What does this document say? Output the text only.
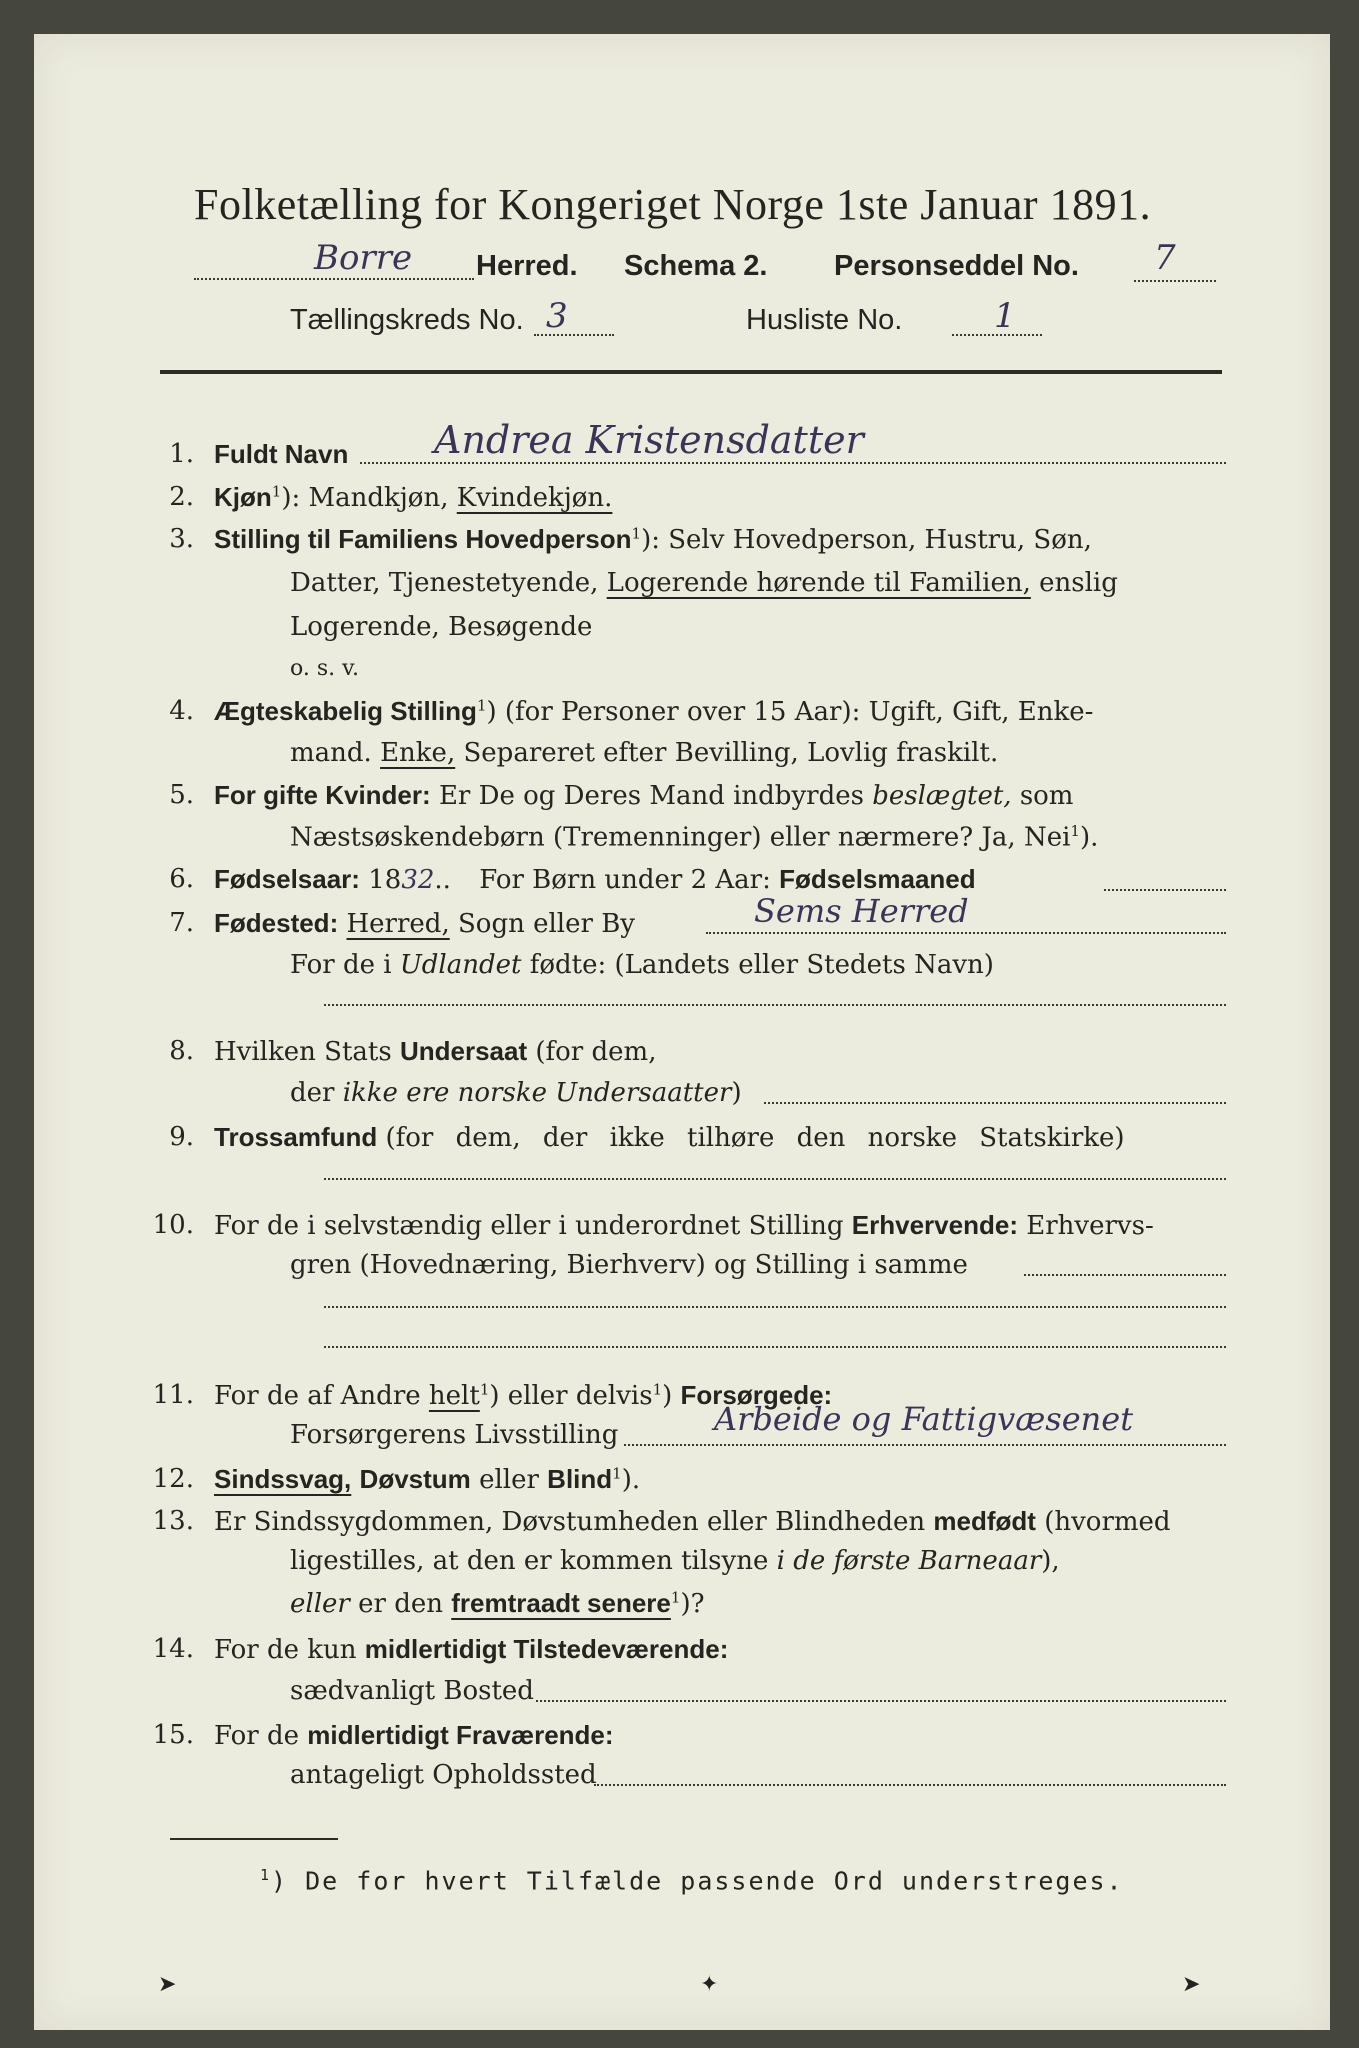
Folketælling for Kongeriget Norge 1ste Januar 1891.
Borre Herred. Schema 2. Personseddel No. 7
Tællingskreds No. 3	Husliste No.	1
1. Fuldt Navn Andrea Kristensdatter
2. Kjøn$^1$): Mandkjøn, Kvindekjøn.
3. Stilling til Familiens Hovedperson$^1$): Selv Hovedperson, Hustru, Søn,
Datter, Tjenestetyende, Logerende hørende til Familien, enslig
Logerende, Besøgende
o. s. v.
4. Ægteskabelig Stilling$^1$) (for Personer over 15 Aar): Ugift, Gift, Enke-
mand. Enke, Separeret efter Bevilling, Lovlig fraskilt.
5. For gifte Kvinder: Er De og Deres Mand indbyrdes beslægtet, som
Næstsøskendebørn (Tremenninger) eller nærmere? Ja, Nei$^1$).
6. Fødselsaar: 1832.. For Børn under 2 Aar: Fødselsmaaned
7. Fødested: Herred, Sogn eller By	Sems Herred
For de i Udlandet fødte: (Landets eller Stedets Navn)
8. Hvilken Stats Undersaat (for dem,
der ikke ere norske Undersaatter)
9. Trossamfund (for dem, der ikke tilhøre den norske Statskirke)
10. For de i selvstændig eller i underordnet Stilling Erhvervende: Erhvervs-
gren (Hovednæring, Bierhverv) og Stilling i samme
11. For de af Andre helt$^1$) eller delvis$^1$) Forsørgede:
Forsørgerens Livsstilling	Arbeide og Fattigvæsenet
12. Sindssvag, Døvstum eller Blind$^1$).
13. Er Sindssygdommen, Døvstumheden eller Blindheden medfødt (hvormed
ligestilles, at den er kommen tilsyne i de første Barneaar),
eller er den fremtraadt senere$^1$)?
14. For de kun midlertidigt Tilstedeværende:
sædvanligt Bosted
15. For de midlertidigt Fraværende:
antageligt Opholdssted
$^1$) De for hvert Tilfælde passende Ord understreges.
➤	✦	➤
